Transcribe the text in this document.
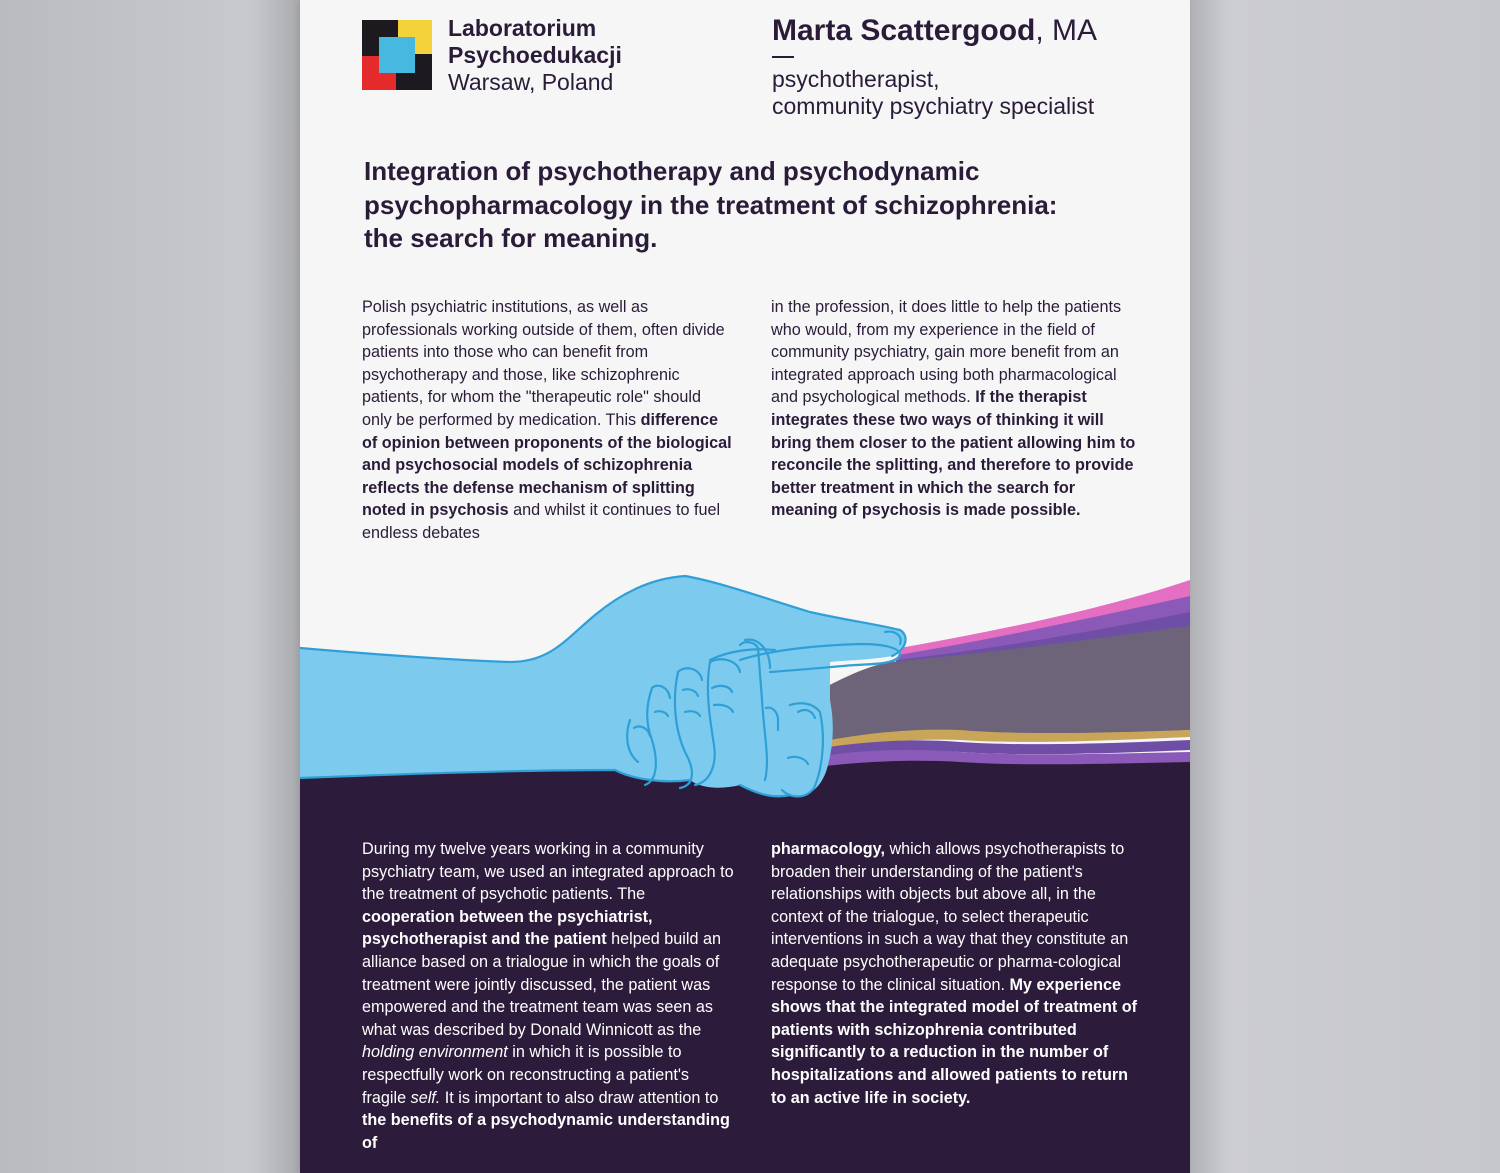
Laboratorium
Psychoedukacji
Warsaw, Poland
Marta Scattergood, MA
psychotherapist,
community psychiatry specialist
Integration of psychotherapy and psychodynamic
psychopharmacology in the treatment of schizophrenia:
the search for meaning.

Polish psychiatric institutions, as well as professionals working outside of them, often divide patients into those who can benefit from psychotherapy and those, like schizophrenic patients, for whom the "therapeutic role" should only be performed by medication. This difference of opinion between proponents of the biological and psychosocial models of schizophrenia reflects the defense mechanism of splitting noted in psychosis and whilst it continues to fuel endless debates

in the profession, it does little to help the patients who would, from my experience in the field of community psychiatry, gain more benefit from an integrated approach using both pharmacological and psychological methods. If the therapist integrates these two ways of thinking it will bring them closer to the patient allowing him to reconcile the splitting, and therefore to provide better treatment in which the search for meaning of psychosis is made possible.

During my twelve years working in a community psychiatry team, we used an integrated approach to the treatment of psychotic patients. The cooperation between the psychiatrist, psychotherapist and the patient helped build an alliance based on a trialogue in which the goals of treatment were jointly discussed, the patient was empowered and the treatment team was seen as what was described by Donald Winnicott as the holding environment in which it is possible to respectfully work on reconstructing a patient's fragile self. It is important to also draw attention to the benefits of a psychodynamic understanding of

pharmacology, which allows psychotherapists to broaden their understanding of the patient's relationships with objects but above all, in the context of the trialogue, to select therapeutic interventions in such a way that they constitute an adequate psychotherapeutic or pharma-cological response to the clinical situation. My experience shows that the integrated model of treatment of patients with schizophrenia contributed significantly to a reduction in the number of hospitalizations and allowed patients to return to an active life in society.
